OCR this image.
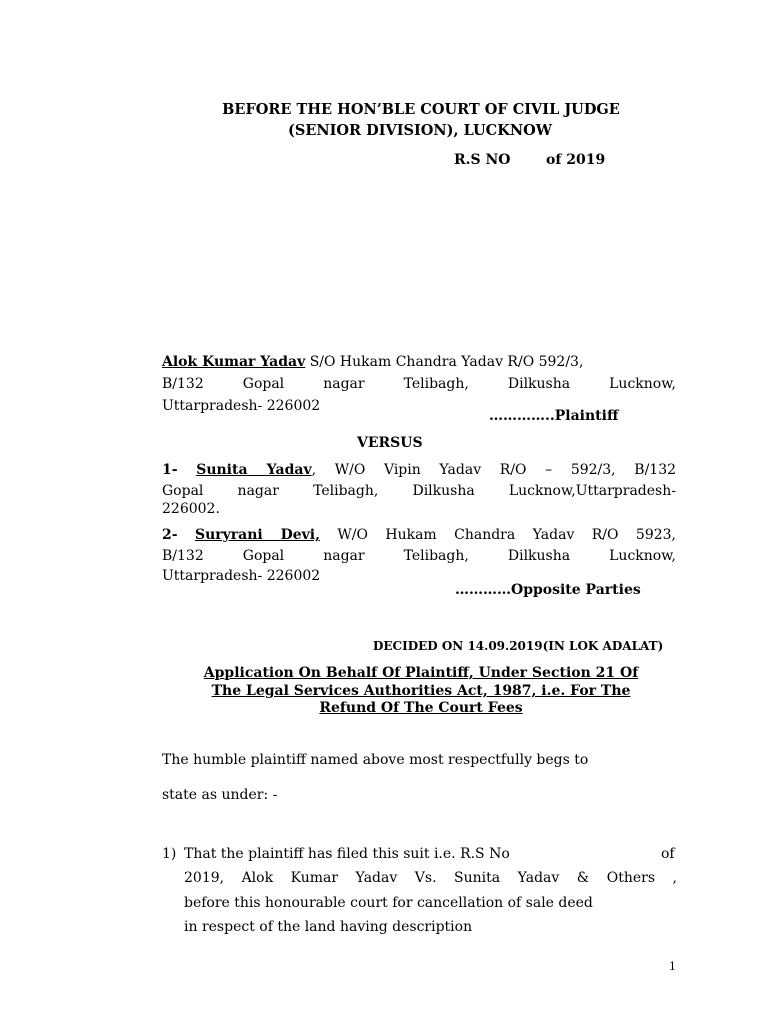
BEFORE THE HON’BLE COURT OF CIVIL JUDGE
(SENIOR DIVISION), LUCKNOW
R.S NO	of 2019
Alok Kumar Yadav S/O Hukam Chandra Yadav R/O 592/3,
B/132 Gopal nagar Telibagh, Dilkusha Lucknow,
Uttarpradesh- 226002
…………..Plaintiff
VERSUS
1- Sunita Yadav, W/O Vipin Yadav R/O – 592/3, B/132
Gopal nagar Telibagh, Dilkusha Lucknow,Uttarpradesh-
226002.
2- Suryrani Devi, W/O Hukam Chandra Yadav R/O 5923,
B/132 Gopal nagar Telibagh, Dilkusha Lucknow,
Uttarpradesh- 226002
…………Opposite Parties
DECIDED ON 14.09.2019(IN LOK ADALAT)
Application On Behalf Of Plaintiff, Under Section 21 Of
The Legal Services Authorities Act, 1987, i.e. For The
Refund Of The Court Fees
The humble plaintiff named above most respectfully begs to
state as under: -
1) That the plaintiff has filed this suit i.e. R.S No	of
2019, Alok Kumar Yadav Vs. Sunita Yadav & Others ,
before this honourable court for cancellation of sale deed
in respect of the land having description
1
